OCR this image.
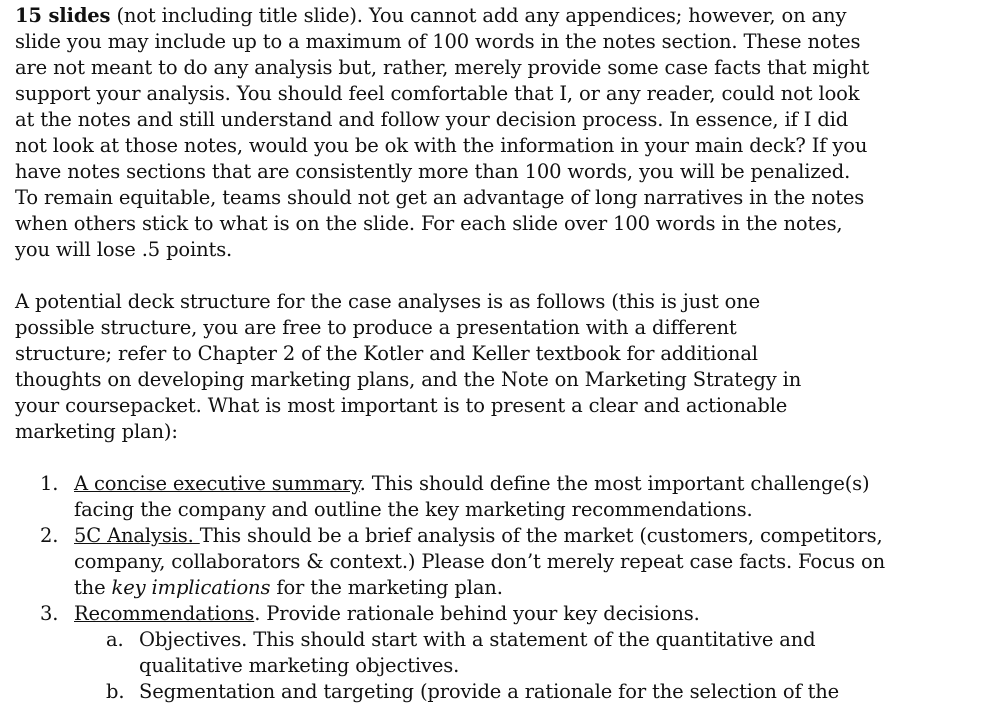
15 slides (not including title slide). You cannot add any appendices; however, on any slide you may include up to a maximum of 100 words in the notes section. These notes are not meant to do any analysis but, rather, merely provide some case facts that might support your analysis. You should feel comfortable that I, or any reader, could not look at the notes and still understand and follow your decision process. In essence, if I did not look at those notes, would you be ok with the information in your main deck? If you have notes sections that are consistently more than 100 words, you will be penalized. To remain equitable, teams should not get an advantage of long narratives in the notes when others stick to what is on the slide. For each slide over 100 words in the notes, you will lose .5 points.

A potential deck structure for the case analyses is as follows (this is just one possible structure, you are free to produce a presentation with a different structure; refer to Chapter 2 of the Kotler and Keller textbook for additional thoughts on developing marketing plans, and the Note on Marketing Strategy in your coursepacket. What is most important is to present a clear and actionable marketing plan):

1. A concise executive summary. This should define the most important challenge(s) facing the company and outline the key marketing recommendations.
2. 5C Analysis. This should be a brief analysis of the market (customers, competitors, company, collaborators & context.) Please don’t merely repeat case facts. Focus on the key implications for the marketing plan.
3. Recommendations. Provide rationale behind your key decisions.
a. Objectives. This should start with a statement of the quantitative and qualitative marketing objectives.
b. Segmentation and targeting (provide a rationale for the selection of the
